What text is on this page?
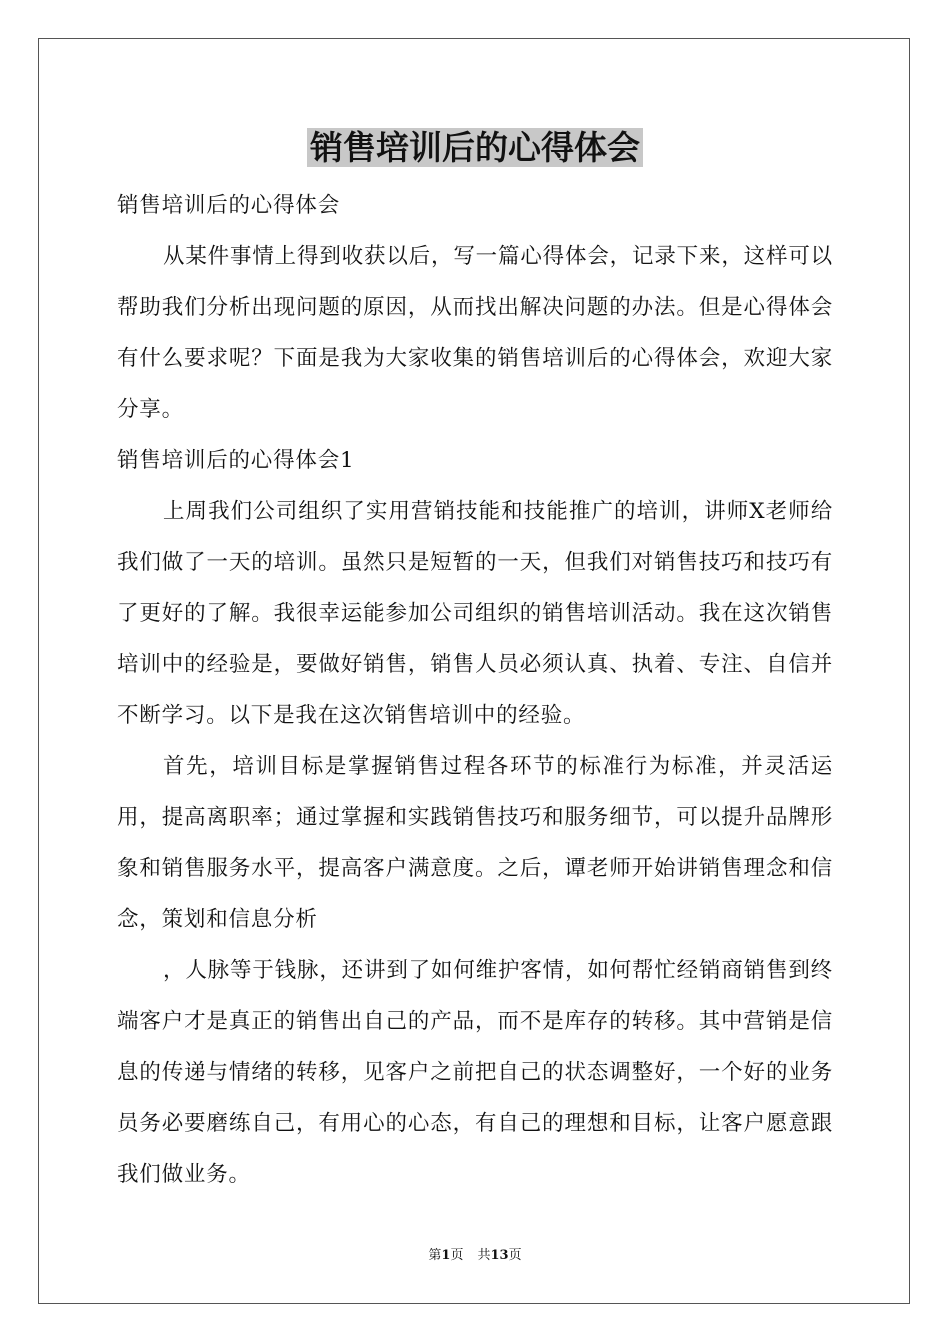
销售培训后的心得体会

销售培训后的心得体会

从某件事情上得到收获以后，写一篇心得体会，记录下来，这样可以帮助我们分析出现问题的原因，从而找出解决问题的办法。但是心得体会有什么要求呢？下面是我为大家收集的销售培训后的心得体会，欢迎大家分享。

销售培训后的心得体会1

上周我们公司组织了实用营销技能和技能推广的培训，讲师X老师给我们做了一天的培训。虽然只是短暂的一天，但我们对销售技巧和技巧有了更好的了解。我很幸运能参加公司组织的销售培训活动。我在这次销售培训中的经验是，要做好销售，销售人员必须认真、执着、专注、自信并不断学习。以下是我在这次销售培训中的经验。

首先，培训目标是掌握销售过程各环节的标准行为标准，并灵活运用，提高离职率；通过掌握和实践销售技巧和服务细节，可以提升品牌形象和销售服务水平，提高客户满意度。之后，谭老师开始讲销售理念和信念，策划和信息分析

，人脉等于钱脉，还讲到了如何维护客情，如何帮忙经销商销售到终端客户才是真正的销售出自己的产品，而不是库存的转移。其中营销是信息的传递与情绪的转移，见客户之前把自己的状态调整好，一个好的业务员务必要磨练自己，有用心的心态，有自己的理想和目标，让客户愿意跟我们做业务。

第1页 共13页
